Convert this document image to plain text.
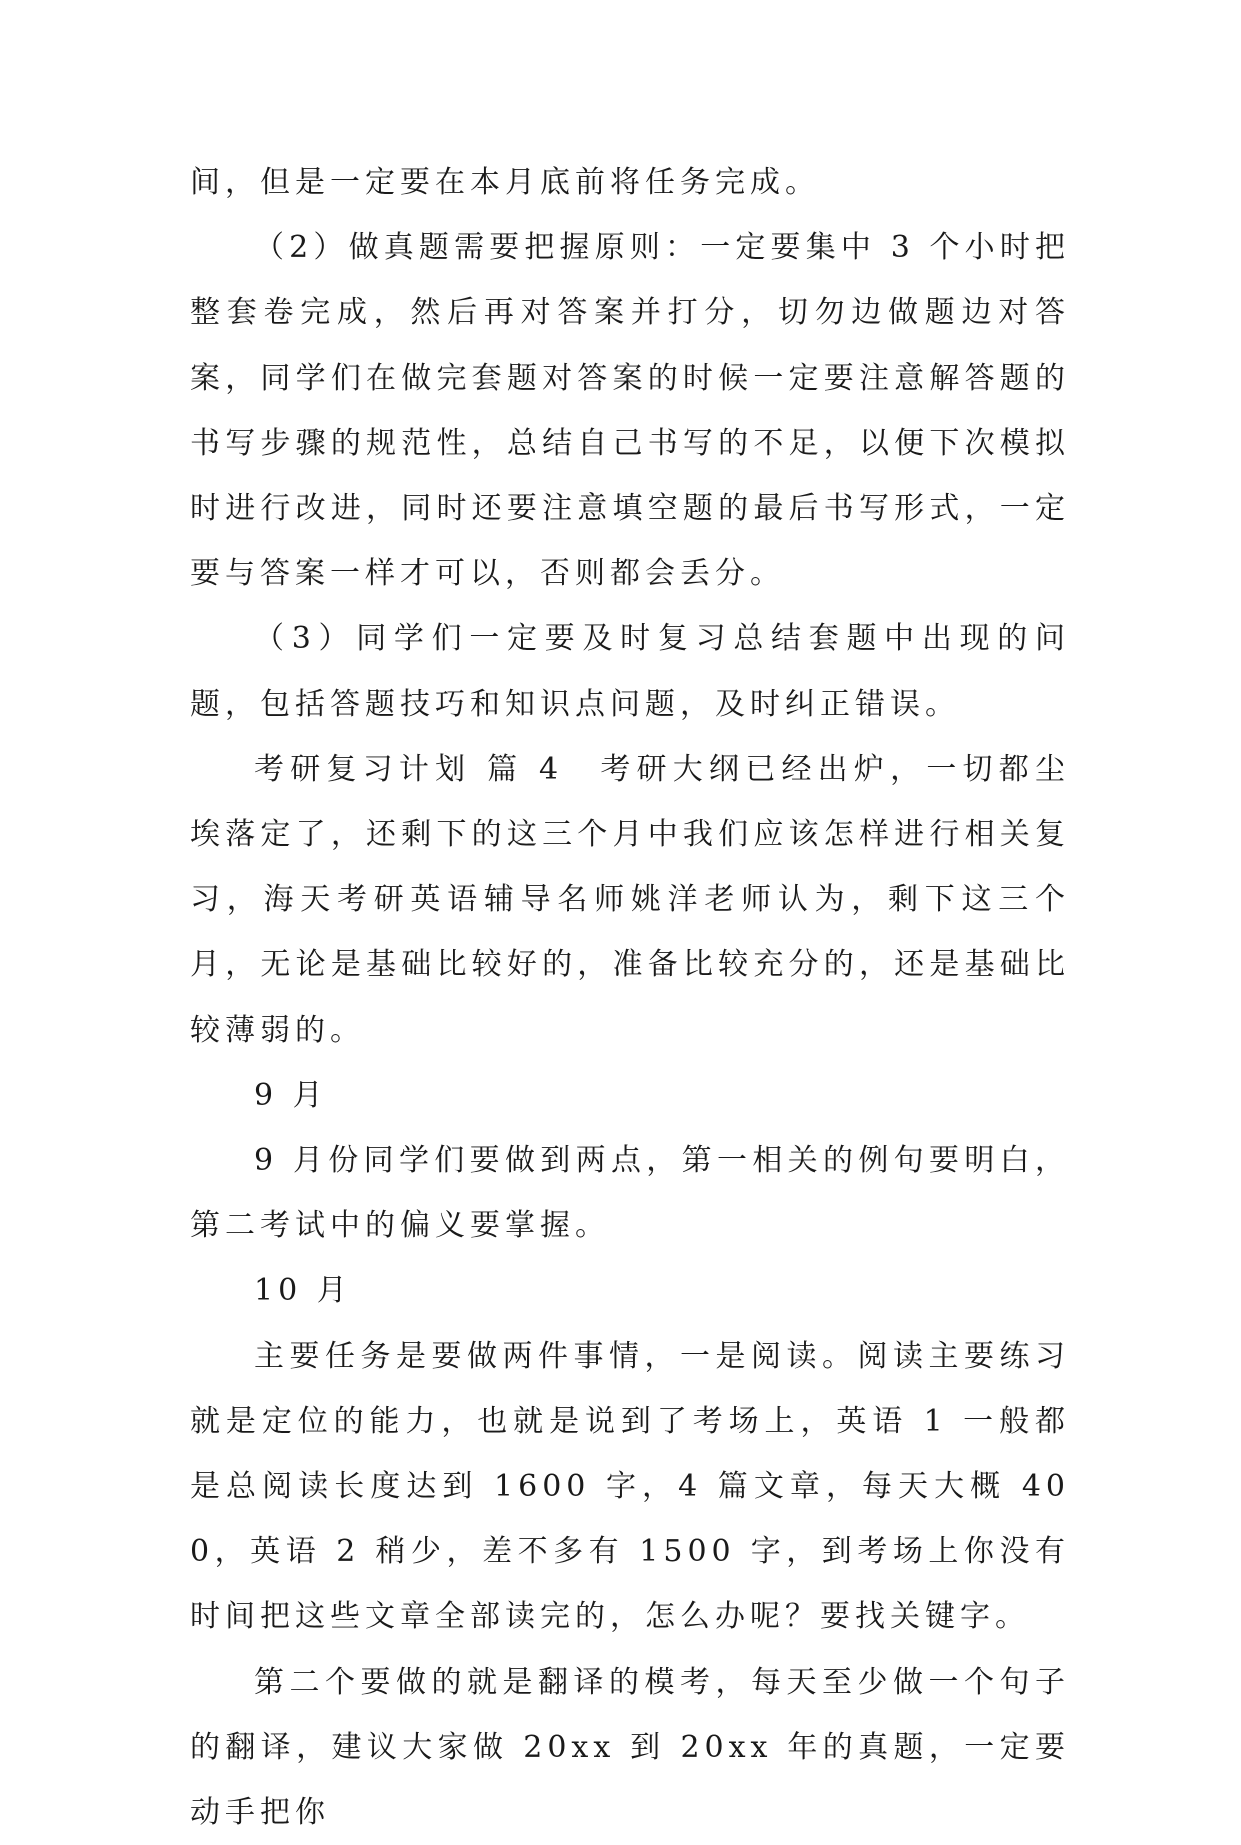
间，但是一定要在本月底前将任务完成。

（2）做真题需要把握原则：一定要集中 3 个小时把整套卷完成，然后再对答案并打分，切勿边做题边对答案，同学们在做完套题对答案的时候一定要注意解答题的书写步骤的规范性，总结自己书写的不足，以便下次模拟时进行改进，同时还要注意填空题的最后书写形式，一定要与答案一样才可以，否则都会丢分。

（3）同学们一定要及时复习总结套题中出现的问题，包括答题技巧和知识点问题，及时纠正错误。

考研复习计划 篇 4 考研大纲已经出炉，一切都尘埃落定了，还剩下的这三个月中我们应该怎样进行相关复习，海天考研英语辅导名师姚洋老师认为，剩下这三个月，无论是基础比较好的，准备比较充分的，还是基础比较薄弱的。

9 月

9 月份同学们要做到两点，第一相关的例句要明白，第二考试中的偏义要掌握。

10 月

主要任务是要做两件事情，一是阅读。阅读主要练习就是定位的能力，也就是说到了考场上，英语 1 一般都是总阅读长度达到 1600 字，4 篇文章，每天大概 400，英语 2 稍少，差不多有 1500 字，到考场上你没有时间把这些文章全部读完的，怎么办呢？要找关键字。

第二个要做的就是翻译的模考，每天至少做一个句子的翻译，建议大家做 20xx 到 20xx 年的真题，一定要动手把你
